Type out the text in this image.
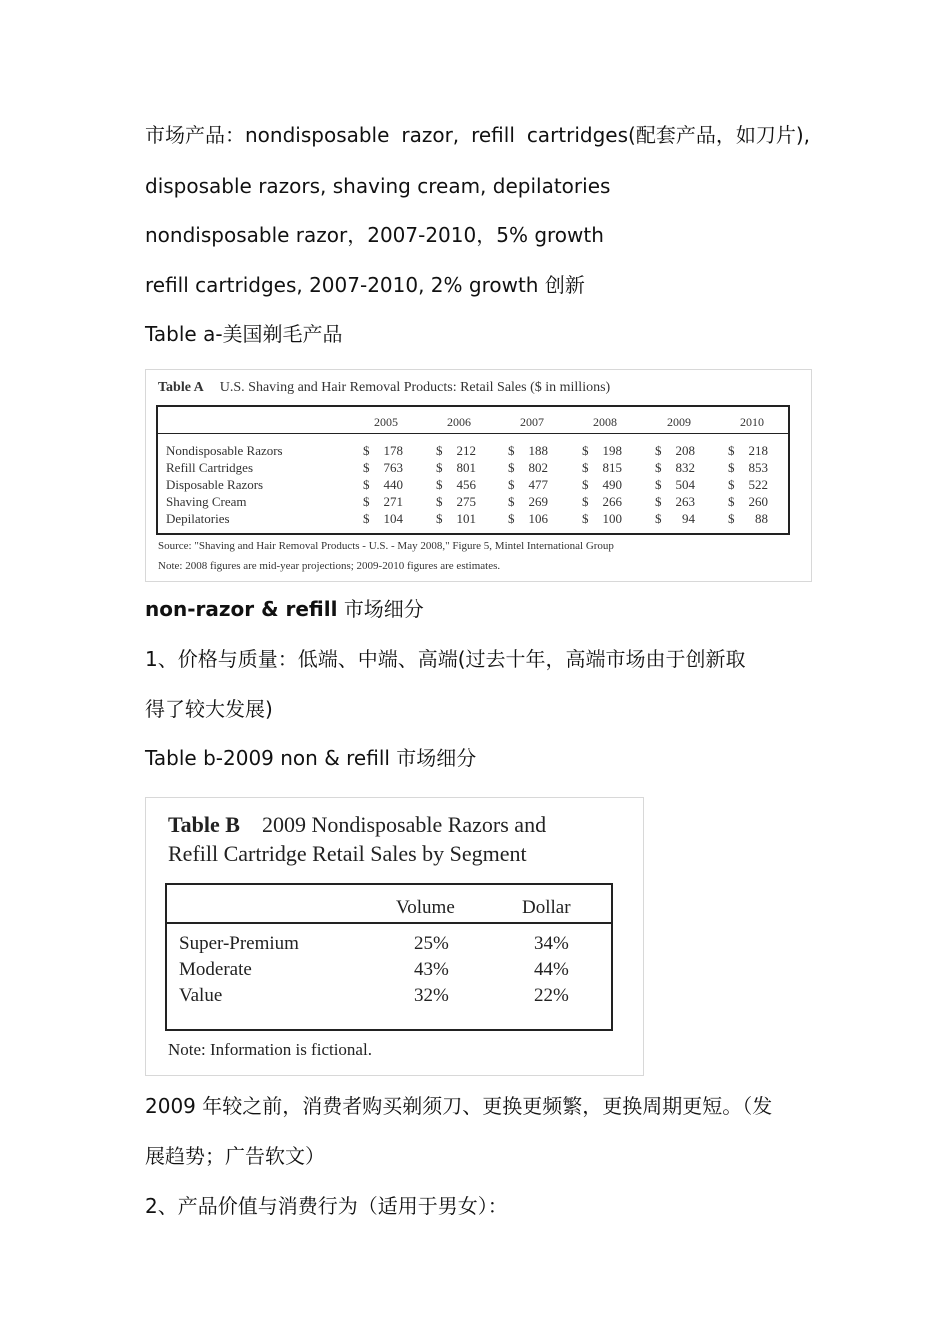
市场产品：nondisposable razor, refill cartridges(配套产品，如刀片),
disposable razors, shaving cream, depilatories
nondisposable razor，2007-2010，5% growth
refill cartridges, 2007-2010, 2% growth 创新
Table a-美国剃毛产品
Table A U.S. Shaving and Hair Removal Products: Retail Sales ($ in millions)
2005	2006	2007	2008	2009	2010
Nondisposable Razors	$	178	$	212 $	188	$	198	$	208	$	218
Refill Cartridges	$	763	$	801 $	802	$	815	$	832	$	853
Disposable Razors	$	440	$	456 $	477	$	490	$	504	$	522
Shaving Cream	$	271	$	275 $	269	$	266	$	263	$	260
Depilatories	$	104	$	101 $	106	$	100	$	94	$	88
Source: "Shaving and Hair Removal Products - U.S. - May 2008," Figure 5, Mintel International Group
Note: 2008 figures are mid-year projections; 2009-2010 figures are estimates.
non-razor & refill 市场细分
1、价格与质量：低端、中端、高端(过去十年，高端市场由于创新取
得了较大发展)
Table b-2009 non & refill 市场细分
Table B 2009 Nondisposable Razors and
Refill Cartridge Retail Sales by Segment
Volume	Dollar
Super-Premium	25%	34%
Moderate	43%	44%
Value	32%	22%
Note: Information is fictional.
2009 年较之前，消费者购买剃须刀、更换更频繁，更换周期更短。（发
展趋势；广告软文）
2、产品价值与消费行为（适用于男女）：
